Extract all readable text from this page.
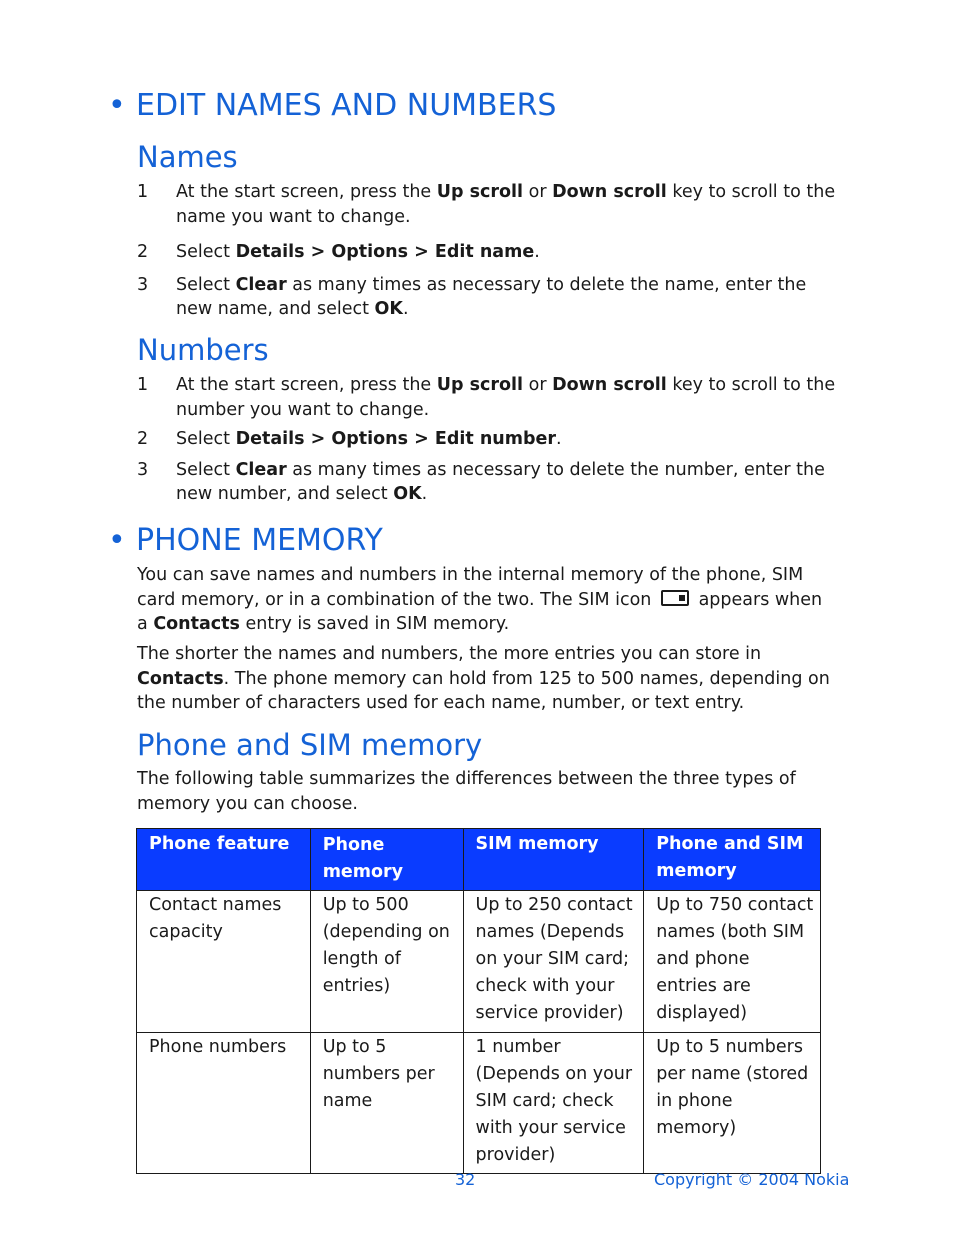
• EDIT NAMES AND NUMBERS
Names
1	At the start screen, press the Up scroll or Down scroll key to scroll to the name you want to change.
2	Select Details > Options > Edit name.
3	Select Clear as many times as necessary to delete the name, enter the new name, and select OK.
Numbers
1	At the start screen, press the Up scroll or Down scroll key to scroll to the number you want to change.
2	Select Details > Options > Edit number.
3	Select Clear as many times as necessary to delete the number, enter the new number, and select OK.
• PHONE MEMORY
You can save names and numbers in the internal memory of the phone, SIM card memory, or in a combination of the two. The SIM icon	appears when a Contacts entry is saved in SIM memory.
The shorter the names and numbers, the more entries you can store in Contacts. The phone memory can hold from 125 to 500 names, depending on the number of characters used for each name, number, or text entry.
Phone and SIM memory
The following table summarizes the differences between the three types of memory you can choose.
Phone feature	Phone memory	SIM memory	Phone and SIM memory
Contact names capacity	Up to 500 (depending on length of entries)	Up to 250 contact names (Depends on your SIM card; check with your service provider)	Up to 750 contact names (both SIM and phone entries are displayed)
Phone numbers	Up to 5 numbers per name	1 number (Depends on your SIM card; check with your service provider)	Up to 5 numbers per name (stored in phone memory)
32	Copyright © 2004 Nokia
